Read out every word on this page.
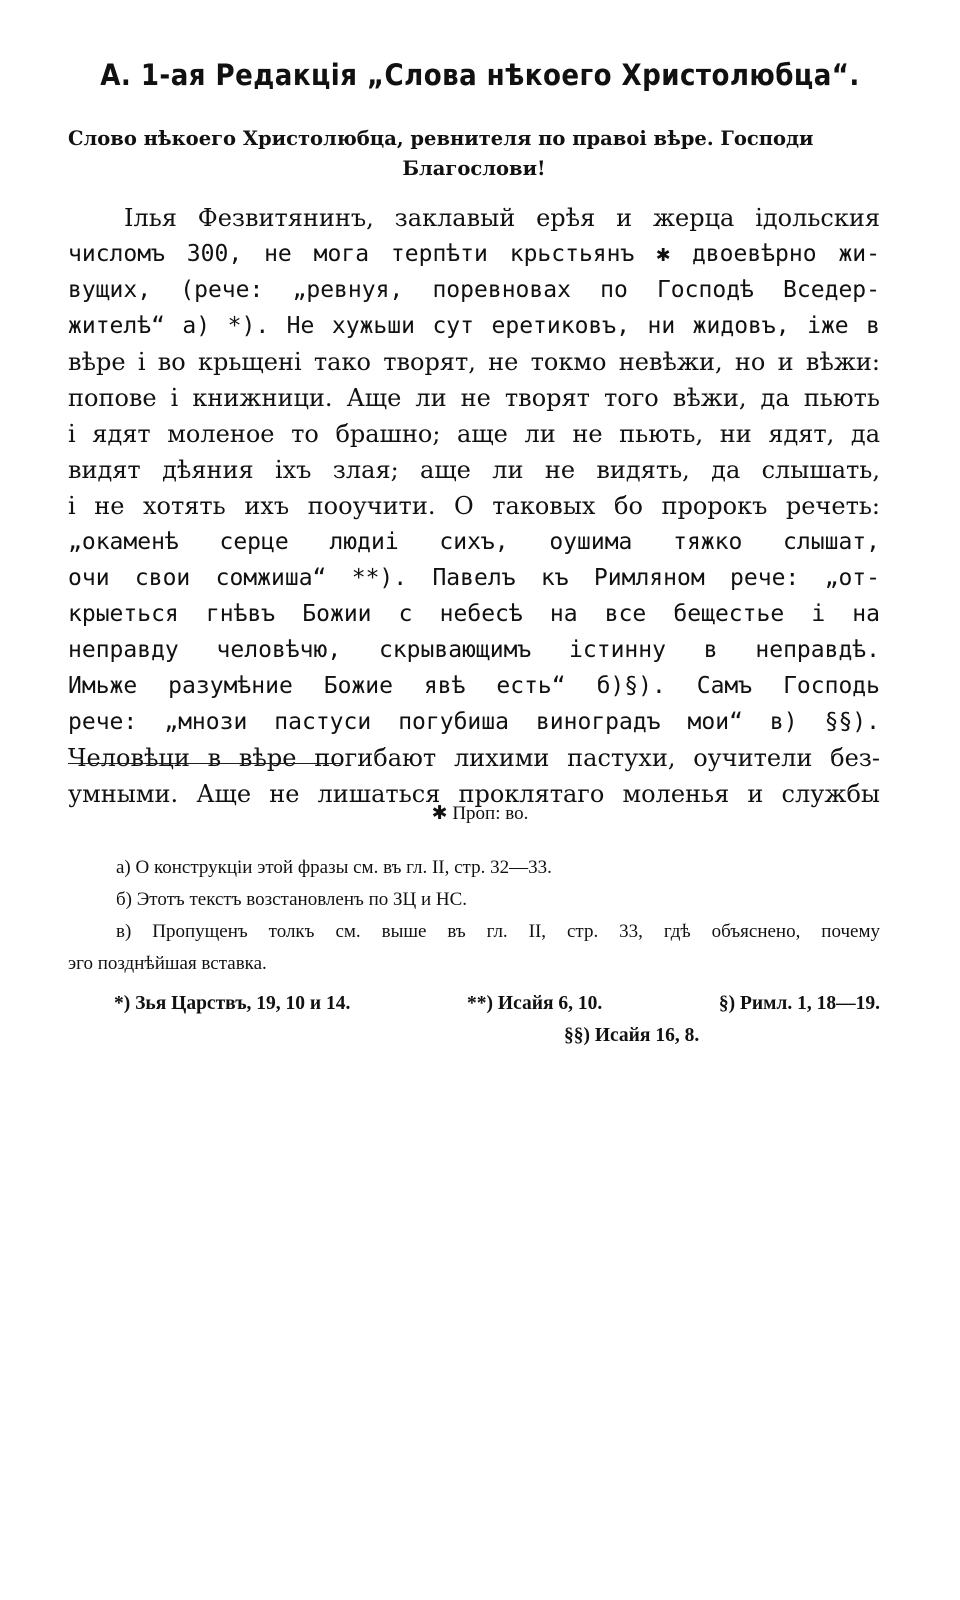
А. 1-ая Редакція „Слова нѣкоего Христолюбца“.
Слово нѣкоего Христолюбца, ревнителя по правоі вѣре. Господи
Благослови!
Ілья Фезвитянинъ, заклавый ерѣя и жерца ідольския
числомъ 300, не мога терпѣти крьстьянъ ✱ двоевѣрно жи-
вущих, (рече: „ревнуя, поревновах по Господѣ Вседер-
жителѣ“ а) *). Не хужьши сут еретиковъ, ни жидовъ, іже в
вѣре і во крьщені тако творят, не токмо невѣжи, но и вѣжи:
попове і книжници. Аще ли не творят того вѣжи, да пьють
і ядят моленое то брашно; аще ли не пьють, ни ядят, да
видят дѣяния іхъ злая; аще ли не видять, да слышать,
і не хотять ихъ пооучити. О таковых бо пророкъ речеть:
„окаменѣ серце людиі сихъ, оушима тяжко слышат,
очи свои сомжиша“ **). Павелъ къ Римляном рече: „от-
крыеться гнѣвъ Божии с небесѣ на все бещестье і на
неправду человѣчю, скрывающимъ істинну в неправдѣ.
Имьже разумѣние Божие явѣ есть“ б)§). Самъ Господь
рече: „мнози пастуси погубиша виноградъ мои“ в) §§).
Человѣци в вѣре погибают лихими пастухи, оучители без-
умными. Аще не лишаться проклятаго моленья и службы
✱ Проп: во.
а) О конструкціи этой фразы см. въ гл. II, стр. 32—33.
б) Этотъ текстъ возстановленъ по ЗЦ и НС.
в) Пропущенъ толкъ см. выше въ гл. II, стр. 33, гдѣ объяснено, почему
эго позднѣйшая вставка.
*) Зья Царствъ, 19, 10 и 14.	**) Исайя 6, 10.	§) Римл. 1, 18—19.
§§) Исайя 16, 8.
